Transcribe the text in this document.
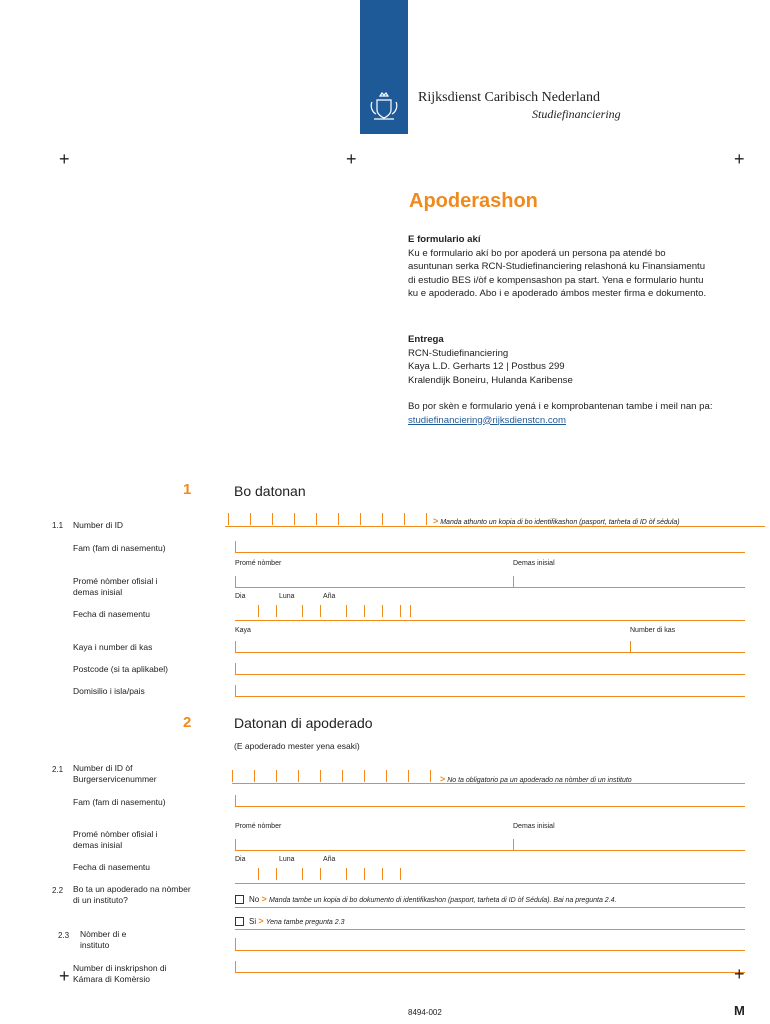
Rijksdienst Caribisch Nederland
Studiefinanciering
+	+	+
Apoderashon
E formulario akí

Ku e formulario akí bo por apoderá un persona pa atendé bo asuntunan serka RCN-Studiefinanciering relashoná ku Finansiamentu di estudio BES i/òf e kompensashon pa start. Yena e formulario huntu ku e apoderado. Abo i e apoderado ámbos mester firma e dokumento.
Entrega
RCN-Studiefinanciering
Kaya L.D. Gerharts 12 | Postbus 299
Kralendijk Boneiru, Hulanda Karibense
Bo por skèn e formulario yená i e komprobantenan tambe i meil nan pa:
studiefinanciering@rijksdienstcn.com
1	Bo datonan
1.1 Number di ID	> Manda athunto un kopia di bo identifikashon (pasport, tarheta di ID òf sédula)
Fam (fam di nasementu)
Promé nòmber	Demas inisial
Promé nòmber ofisial i
demas inisial	Dia	Luna	Aña
Fecha di nasementu
Kaya	Number di kas
Kaya i number di kas
Postcode (si ta aplikabel)
Domisilio i isla/pais
2	Datonan di apoderado
(E apoderado mester yena esaki)
2.1 Number di ID òf
Burgerservicenummer	> No ta obligatorio pa un apoderado na nòmber di un instituto
Fam (fam di nasementu)
Promé nòmber	Demas inisial
Promé nòmber ofisial i
demas inisial
Dia	Luna	Aña
Fecha di nasementu
2.2 Bo ta un apoderado na nòmber
di un instituto?	No > Manda tambe un kopia di bo dokumento di identifikashon (pasport, tarheta di ID òf Sédula). Bai na pregunta 2.4.
Si > Yena tambe pregunta 2.3
2.3 Nòmber di e
instituto
Number di inskripshon di
Kámara di Komèrsio
+	+
8494-002	M
